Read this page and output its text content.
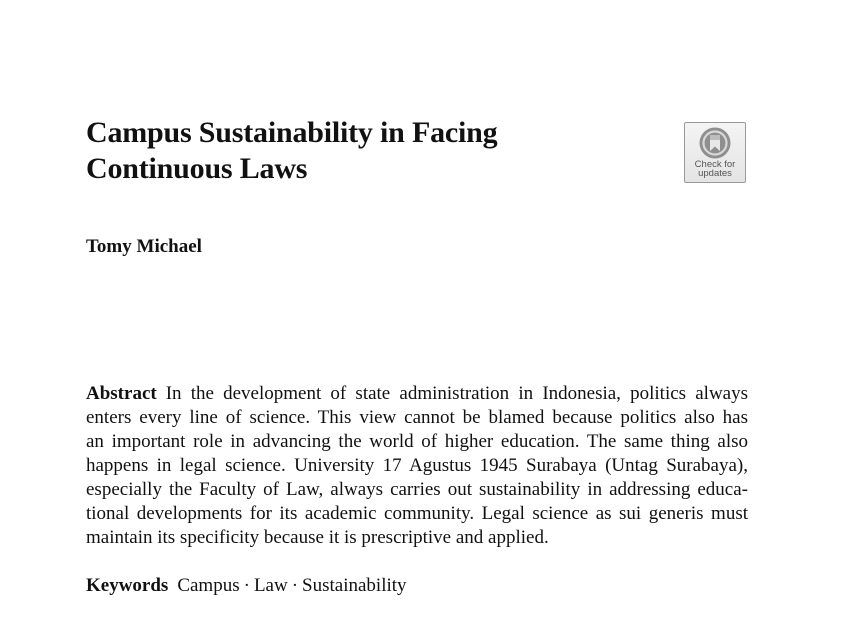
Campus Sustainability in Facing
Continuous Laws	Check for
updates

Tomy Michael

Abstract In the development of state administration in Indonesia, politics always
enters every line of science. This view cannot be blamed because politics also has
an important role in advancing the world of higher education. The same thing also
happens in legal science. University 17 Agustus 1945 Surabaya (Untag Surabaya),
especially the Faculty of Law, always carries out sustainability in addressing educa-
tional developments for its academic community. Legal science as sui generis must
maintain its specificity because it is prescriptive and applied.

Keywords Campus · Law · Sustainability
